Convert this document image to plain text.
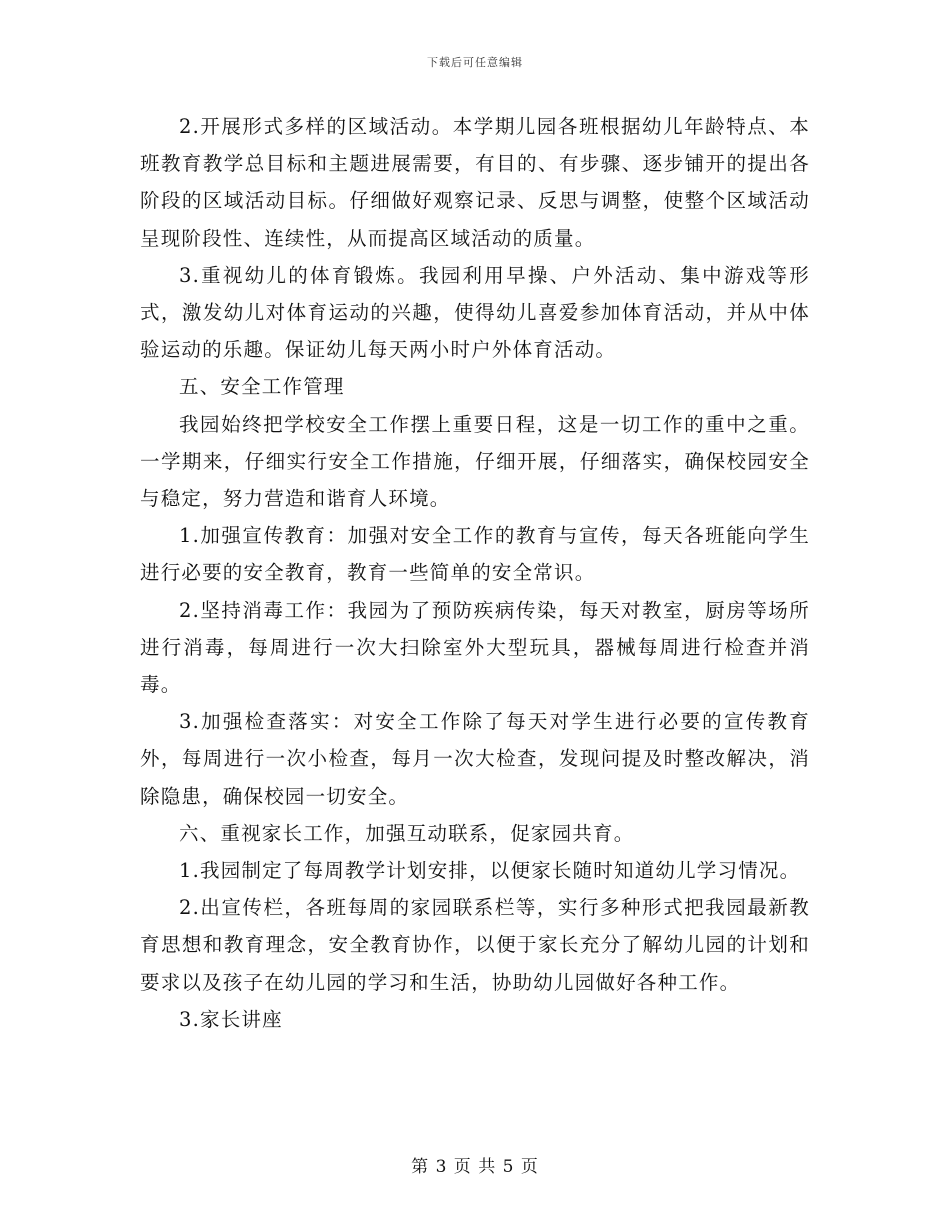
下载后可任意编辑

2.开展形式多样的区域活动。本学期儿园各班根据幼儿年龄特点、本班教育教学总目标和主题进展需要，有目的、有步骤、逐步铺开的提出各阶段的区域活动目标。仔细做好观察记录、反思与调整，使整个区域活动呈现阶段性、连续性，从而提高区域活动的质量。

3.重视幼儿的体育锻炼。我园利用早操、户外活动、集中游戏等形式，激发幼儿对体育运动的兴趣，使得幼儿喜爱参加体育活动，并从中体验运动的乐趣。保证幼儿每天两小时户外体育活动。

五、安全工作管理

我园始终把学校安全工作摆上重要日程，这是一切工作的重中之重。一学期来，仔细实行安全工作措施，仔细开展，仔细落实，确保校园安全与稳定，努力营造和谐育人环境。

1.加强宣传教育：加强对安全工作的教育与宣传，每天各班能向学生进行必要的安全教育，教育一些简单的安全常识。

2.坚持消毒工作：我园为了预防疾病传染，每天对教室，厨房等场所进行消毒，每周进行一次大扫除室外大型玩具，器械每周进行检查并消毒。

3.加强检查落实：对安全工作除了每天对学生进行必要的宣传教育外，每周进行一次小检查，每月一次大检查，发现问提及时整改解决，消除隐患，确保校园一切安全。

六、重视家长工作，加强互动联系，促家园共育。

1.我园制定了每周教学计划安排，以便家长随时知道幼儿学习情况。

2.出宣传栏，各班每周的家园联系栏等，实行多种形式把我园最新教育思想和教育理念，安全教育协作，以便于家长充分了解幼儿园的计划和要求以及孩子在幼儿园的学习和生活，协助幼儿园做好各种工作。

3.家长讲座

第 3 页 共 5 页
